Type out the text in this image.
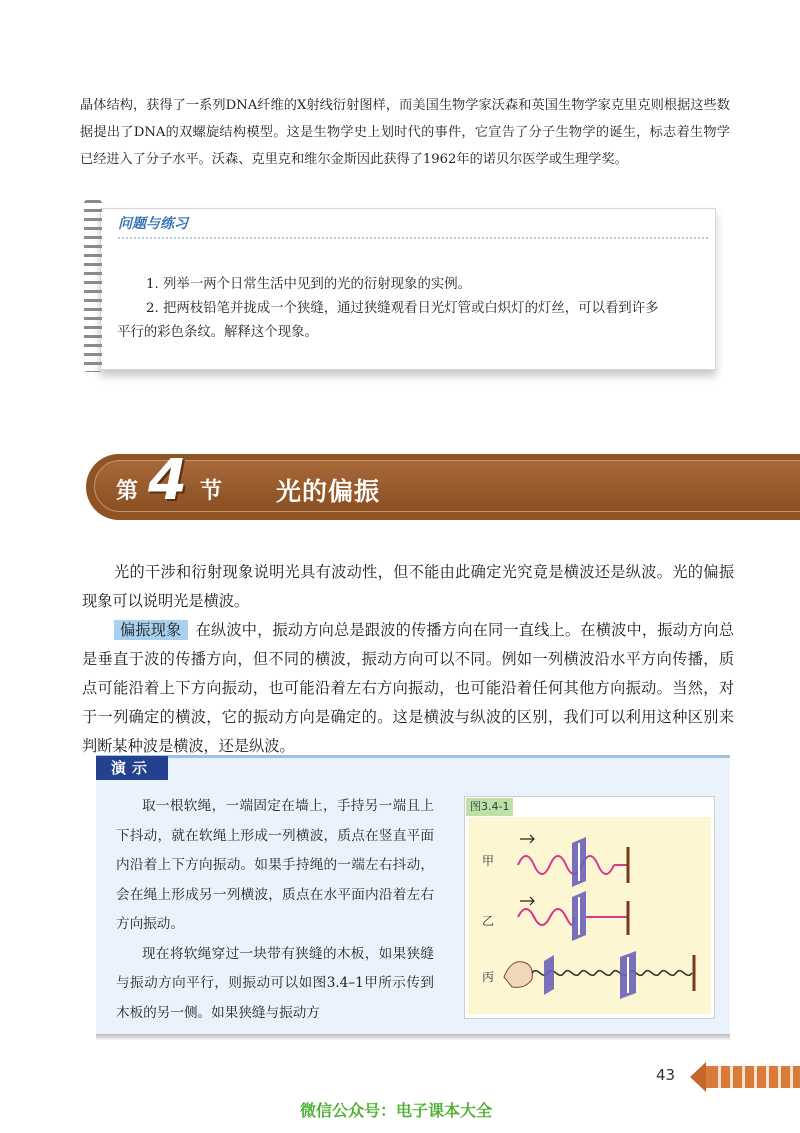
晶体结构，获得了一系列DNA纤维的X射线衍射图样，而美国生物学家沃森和英国生物学家克里克则根据这些数据提出了DNA的双螺旋结构模型。这是生物学史上划时代的事件，它宣告了分子生物学的诞生，标志着生物学已经进入了分子水平。沃森、克里克和维尔金斯因此获得了1962年的诺贝尔医学或生理学奖。

问题与练习

1. 列举一两个日常生活中见到的光的衍射现象的实例。

2. 把两枝铅笔并拢成一个狭缝，通过狭缝观看日光灯管或白炽灯的灯丝，可以看到许多

平行的彩色条纹。解释这个现象。

第 4 节 光的偏振

光的干涉和衍射现象说明光具有波动性，但不能由此确定光究竟是横波还是纵波。光的偏振现象可以说明光是横波。

偏振现象 在纵波中，振动方向总是跟波的传播方向在同一直线上。在横波中，振动方向总是垂直于波的传播方向，但不同的横波，振动方向可以不同。例如一列横波沿水平方向传播，质点可能沿着上下方向振动，也可能沿着左右方向振动，也可能沿着任何其他方向振动。当然，对于一列确定的横波，它的振动方向是确定的。这是横波与纵波的区别，我们可以利用这种区别来判断某种波是横波，还是纵波。

演示

取一根软绳，一端固定在墙上，手持另一端且上下抖动，就在软绳上形成一列横波，质点在竖直平面内沿着上下方向振动。如果手持绳的一端左右抖动，会在绳上形成另一列横波，质点在水平面内沿着左右方向振动。

现在将软绳穿过一块带有狭缝的木板，如果狭缝与振动方向平行，则振动可以如图3.4–1甲所示传到木板的另一侧。如果狭缝与振动方

图3.4-1
甲
乙
丙
43
微信公众号：电子课本大全
